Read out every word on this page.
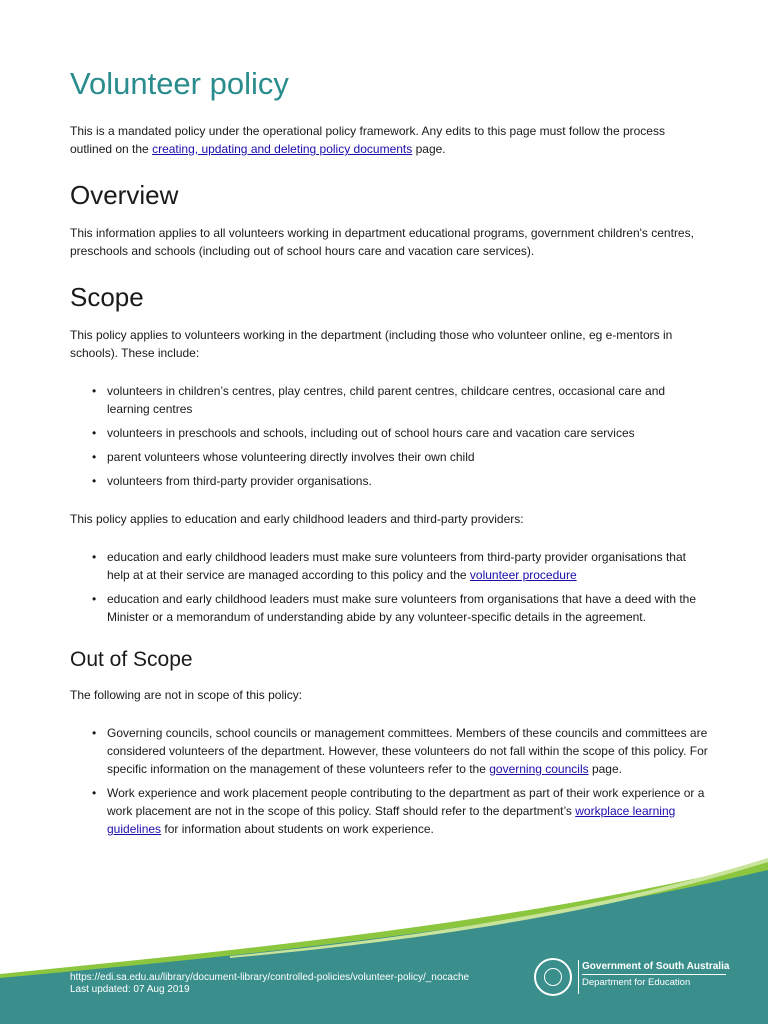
Volunteer policy

This is a mandated policy under the operational policy framework. Any edits to this page must follow the process outlined on the creating, updating and deleting policy documents page.

Overview

This information applies to all volunteers working in department educational programs, government children's centres, preschools and schools (including out of school hours care and vacation care services).

Scope

This policy applies to volunteers working in the department (including those who volunteer online, eg e-mentors in schools). These include:

• volunteers in children’s centres, play centres, child parent centres, childcare centres, occasional care and learning centres
• volunteers in preschools and schools, including out of school hours care and vacation care services
• parent volunteers whose volunteering directly involves their own child
• volunteers from third-party provider organisations.

This policy applies to education and early childhood leaders and third-party providers:

• education and early childhood leaders must make sure volunteers from third-party provider organisations that help at at their service are managed according to this policy and the volunteer procedure
• education and early childhood leaders must make sure volunteers from organisations that have a deed with the Minister or a memorandum of understanding abide by any volunteer-specific details in the agreement.
Out of Scope

The following are not in scope of this policy:

• Governing councils, school councils or management committees. Members of these councils and committees are considered volunteers of the department. However, these volunteers do not fall within the scope of this policy. For specific information on the management of these volunteers refer to the governing councils page.
• Work experience and work placement people contributing to the department as part of their work experience or a work placement are not in the scope of this policy. Staff should refer to the department’s workplace learning guidelines for information about students on work experience.
https://edi.sa.edu.au/library/document-library/controlled-policies/volunteer-policy/_nocache
Last updated: 07 Aug 2019
Government of South Australia
Department for Education
